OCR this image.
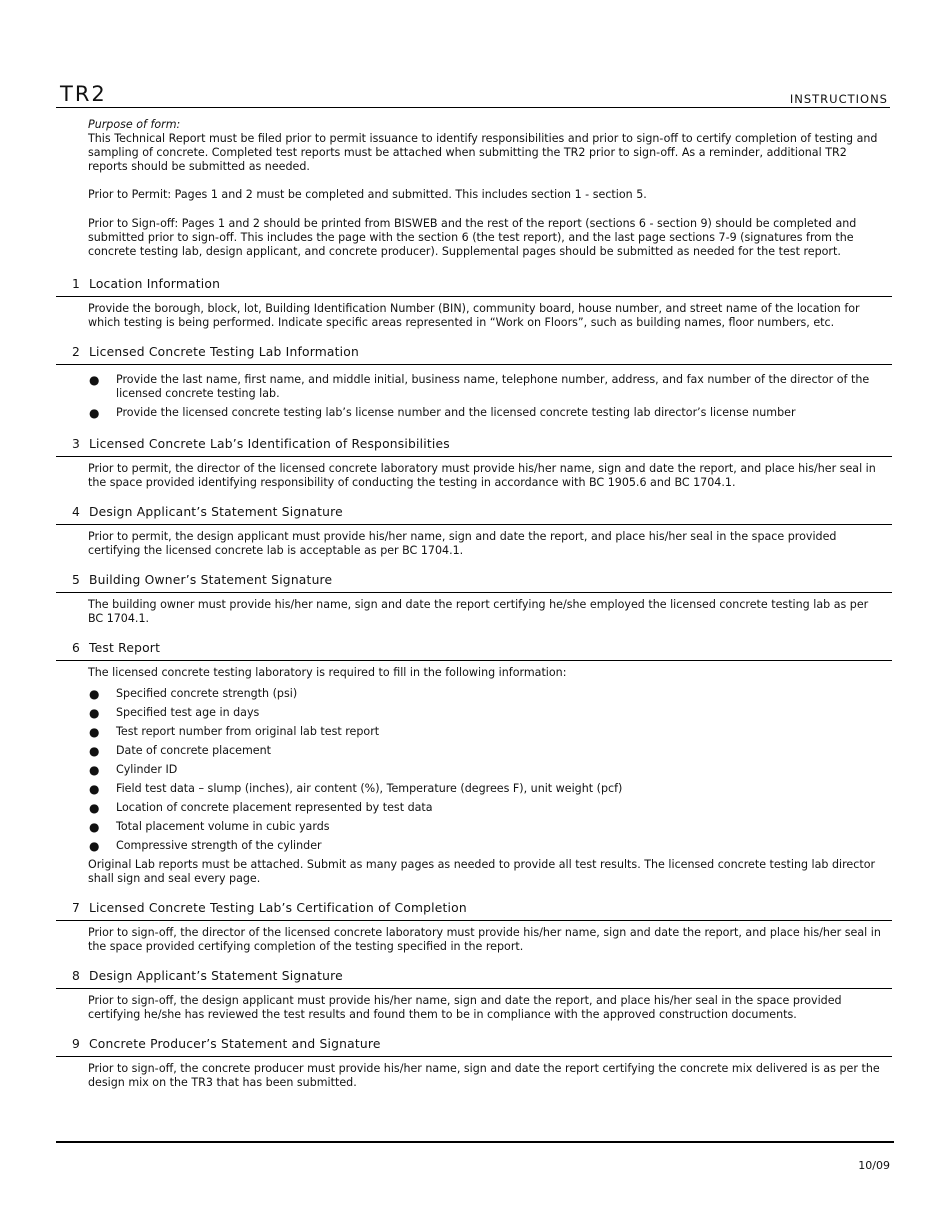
TR2	INSTRUCTIONS

Purpose of form:
This Technical Report must be filed prior to permit issuance to identify responsibilities and prior to sign-off to certify completion of testing and sampling of concrete. Completed test reports must be attached when submitting the TR2 prior to sign-off. As a reminder, additional TR2 reports should be submitted as needed.

Prior to Permit: Pages 1 and 2 must be completed and submitted. This includes section 1 - section 5.

Prior to Sign-off: Pages 1 and 2 should be printed from BISWEB and the rest of the report (sections 6 - section 9) should be completed and submitted prior to sign-off. This includes the page with the section 6 (the test report), and the last page sections 7-9 (signatures from the concrete testing lab, design applicant, and concrete producer). Supplemental pages should be submitted as needed for the test report.

1 Location Information

Provide the borough, block, lot, Building Identification Number (BIN), community board, house number, and street name of the location for which testing is being performed. Indicate specific areas represented in “Work on Floors”, such as building names, floor numbers, etc.

2 Licensed Concrete Testing Lab Information
● Provide the last name, first name, and middle initial, business name, telephone number, address, and fax number of the director of the licensed concrete testing lab.
● Provide the licensed concrete testing lab’s license number and the licensed concrete testing lab director’s license number
3 Licensed Concrete Lab’s Identification of Responsibilities

Prior to permit, the director of the licensed concrete laboratory must provide his/her name, sign and date the report, and place his/her seal in the space provided identifying responsibility of conducting the testing in accordance with BC 1905.6 and BC 1704.1.

4 Design Applicant’s Statement Signature

Prior to permit, the design applicant must provide his/her name, sign and date the report, and place his/her seal in the space provided certifying the licensed concrete lab is acceptable as per BC 1704.1.

5 Building Owner’s Statement Signature

The building owner must provide his/her name, sign and date the report certifying he/she employed the licensed concrete testing lab as per BC 1704.1.

6 Test Report

The licensed concrete testing laboratory is required to fill in the following information:

● Specified concrete strength (psi)
● Specified test age in days
● Test report number from original lab test report
● Date of concrete placement
● Cylinder ID
● Field test data – slump (inches), air content (%), Temperature (degrees F), unit weight (pcf)
● Location of concrete placement represented by test data
● Total placement volume in cubic yards
● Compressive strength of the cylinder

Original Lab reports must be attached. Submit as many pages as needed to provide all test results. The licensed concrete testing lab director shall sign and seal every page.

7 Licensed Concrete Testing Lab’s Certification of Completion

Prior to sign-off, the director of the licensed concrete laboratory must provide his/her name, sign and date the report, and place his/her seal in the space provided certifying completion of the testing specified in the report.

8 Design Applicant’s Statement Signature

Prior to sign-off, the design applicant must provide his/her name, sign and date the report, and place his/her seal in the space provided certifying he/she has reviewed the test results and found them to be in compliance with the approved construction documents.

9 Concrete Producer’s Statement and Signature

Prior to sign-off, the concrete producer must provide his/her name, sign and date the report certifying the concrete mix delivered is as per the design mix on the TR3 that has been submitted.

10/09
